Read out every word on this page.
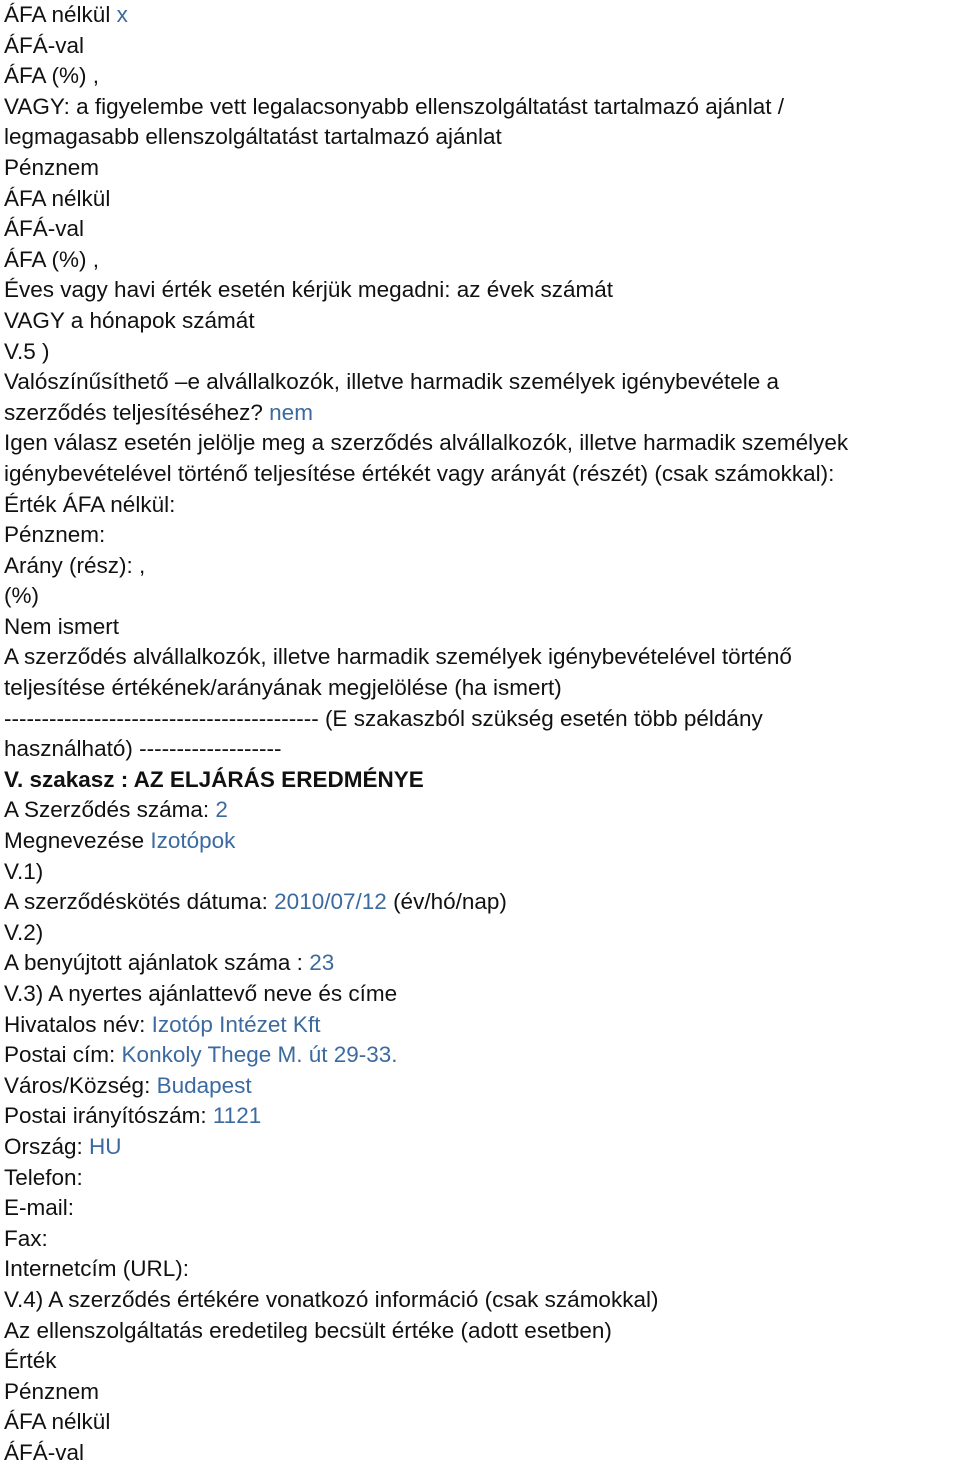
ÁFA nélkül x
ÁFÁ-val
ÁFA (%) ,
VAGY: a figyelembe vett legalacsonyabb ellenszolgáltatást tartalmazó ajánlat /
legmagasabb ellenszolgáltatást tartalmazó ajánlat
Pénznem
ÁFA nélkül
ÁFÁ-val
ÁFA (%) ,
Éves vagy havi érték esetén kérjük megadni: az évek számát
VAGY a hónapok számát
V.5 )
Valószínűsíthető –e alvállalkozók, illetve harmadik személyek igénybevétele a
szerződés teljesítéséhez? nem
Igen válasz esetén jelölje meg a szerződés alvállalkozók, illetve harmadik személyek
igénybevételével történő teljesítése értékét vagy arányát (részét) (csak számokkal):
Érték ÁFA nélkül:
Pénznem:
Arány (rész): ,
(%)
Nem ismert
A szerződés alvállalkozók, illetve harmadik személyek igénybevételével történő
teljesítése értékének/arányának megjelölése (ha ismert)
------------------------------------------ (E szakaszból szükség esetén több példány
használható) -------------------
V. szakasz : AZ ELJÁRÁS EREDMÉNYE
A Szerződés száma: 2
Megnevezése Izotópok
V.1)
A szerződéskötés dátuma: 2010/07/12 (év/hó/nap)
V.2)
A benyújtott ajánlatok száma : 23
V.3) A nyertes ajánlattevő neve és címe
Hivatalos név: Izotóp Intézet Kft
Postai cím: Konkoly Thege M. út 29-33.
Város/Község: Budapest
Postai irányítószám: 1121
Ország: HU
Telefon:
E-mail:
Fax:
Internetcím (URL):
V.4) A szerződés értékére vonatkozó információ (csak számokkal)
Az ellenszolgáltatás eredetileg becsült értéke (adott esetben)
Érték
Pénznem
ÁFA nélkül
ÁFÁ-val
